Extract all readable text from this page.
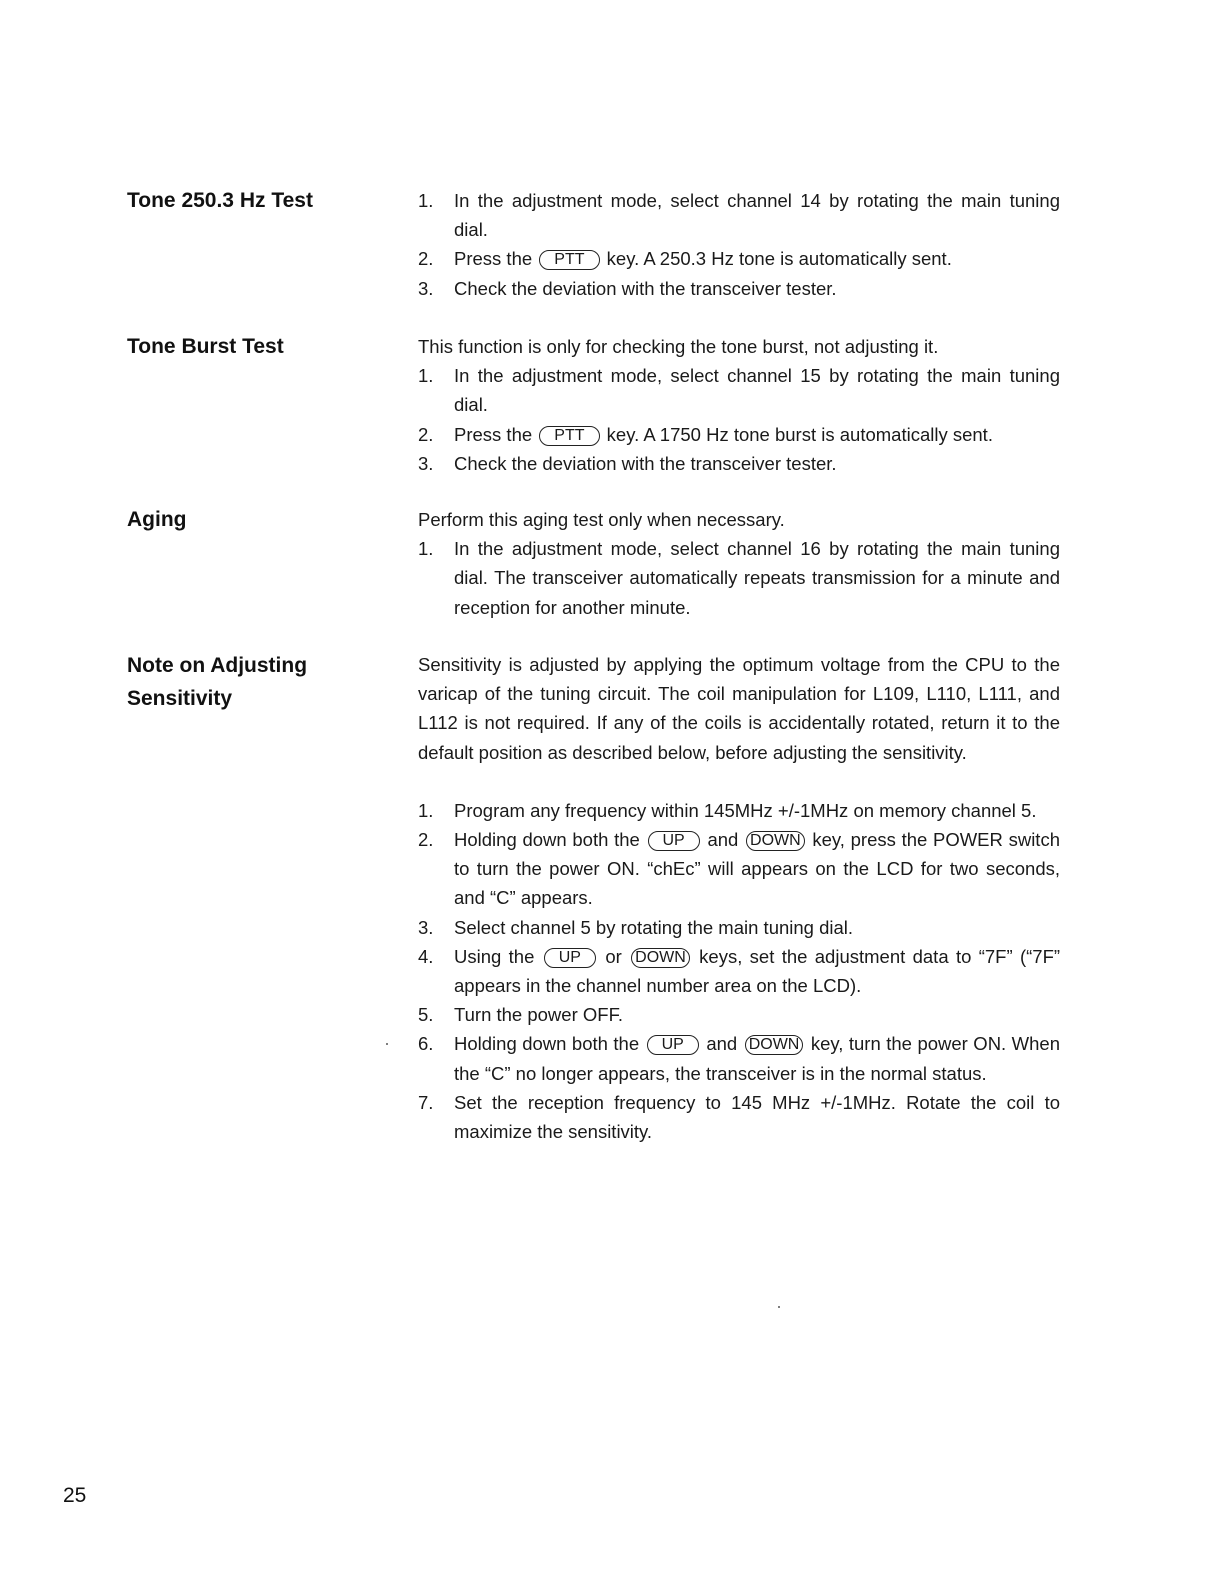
Tone 250.3 Hz Test	1.	In the adjustment mode, select channel 14 by rotating the main tuning dial.
2.	Press the PTT key. A 250.3 Hz tone is automatically sent.
3.	Check the deviation with the transceiver tester.
Tone Burst Test	This function is only for checking the tone burst, not adjusting it.
1.	In the adjustment mode, select channel 15 by rotating the main tuning dial.
2.	Press the PTT key. A 1750 Hz tone burst is automatically sent.
3.	Check the deviation with the transceiver tester.
Aging	Perform this aging test only when necessary.
1.	In the adjustment mode, select channel 16 by rotating the main tuning dial. The transceiver automatically repeats transmission for a minute and reception for another minute.
Note on Adjusting
Sensitivity
Sensitivity is adjusted by applying the optimum voltage from the CPU to the varicap of the tuning circuit. The coil manipulation for L109, L110, L111, and L112 is not required. If any of the coils is accidentally rotated, return it to the default position as described below, before adjusting the sensitivity.
1.	Program any frequency within 145MHz +/-1MHz on memory channel 5.
2.	Holding down both the UP and DOWN key, press the POWER switch to turn the power ON. “chEc” will appears on the LCD for two seconds, and “C” appears.
3.	Select channel 5 by rotating the main tuning dial.
4.	Using the UP or DOWN keys, set the adjustment data to “7F” (“7F” appears in the channel number area on the LCD).
5.	Turn the power OFF.
6.	Holding down both the UP and DOWN key, turn the power ON. When the “C” no longer appears, the transceiver is in the normal status.
7.	Set the reception frequency to 145 MHz +/-1MHz. Rotate the coil to maximize the sensitivity.
25
